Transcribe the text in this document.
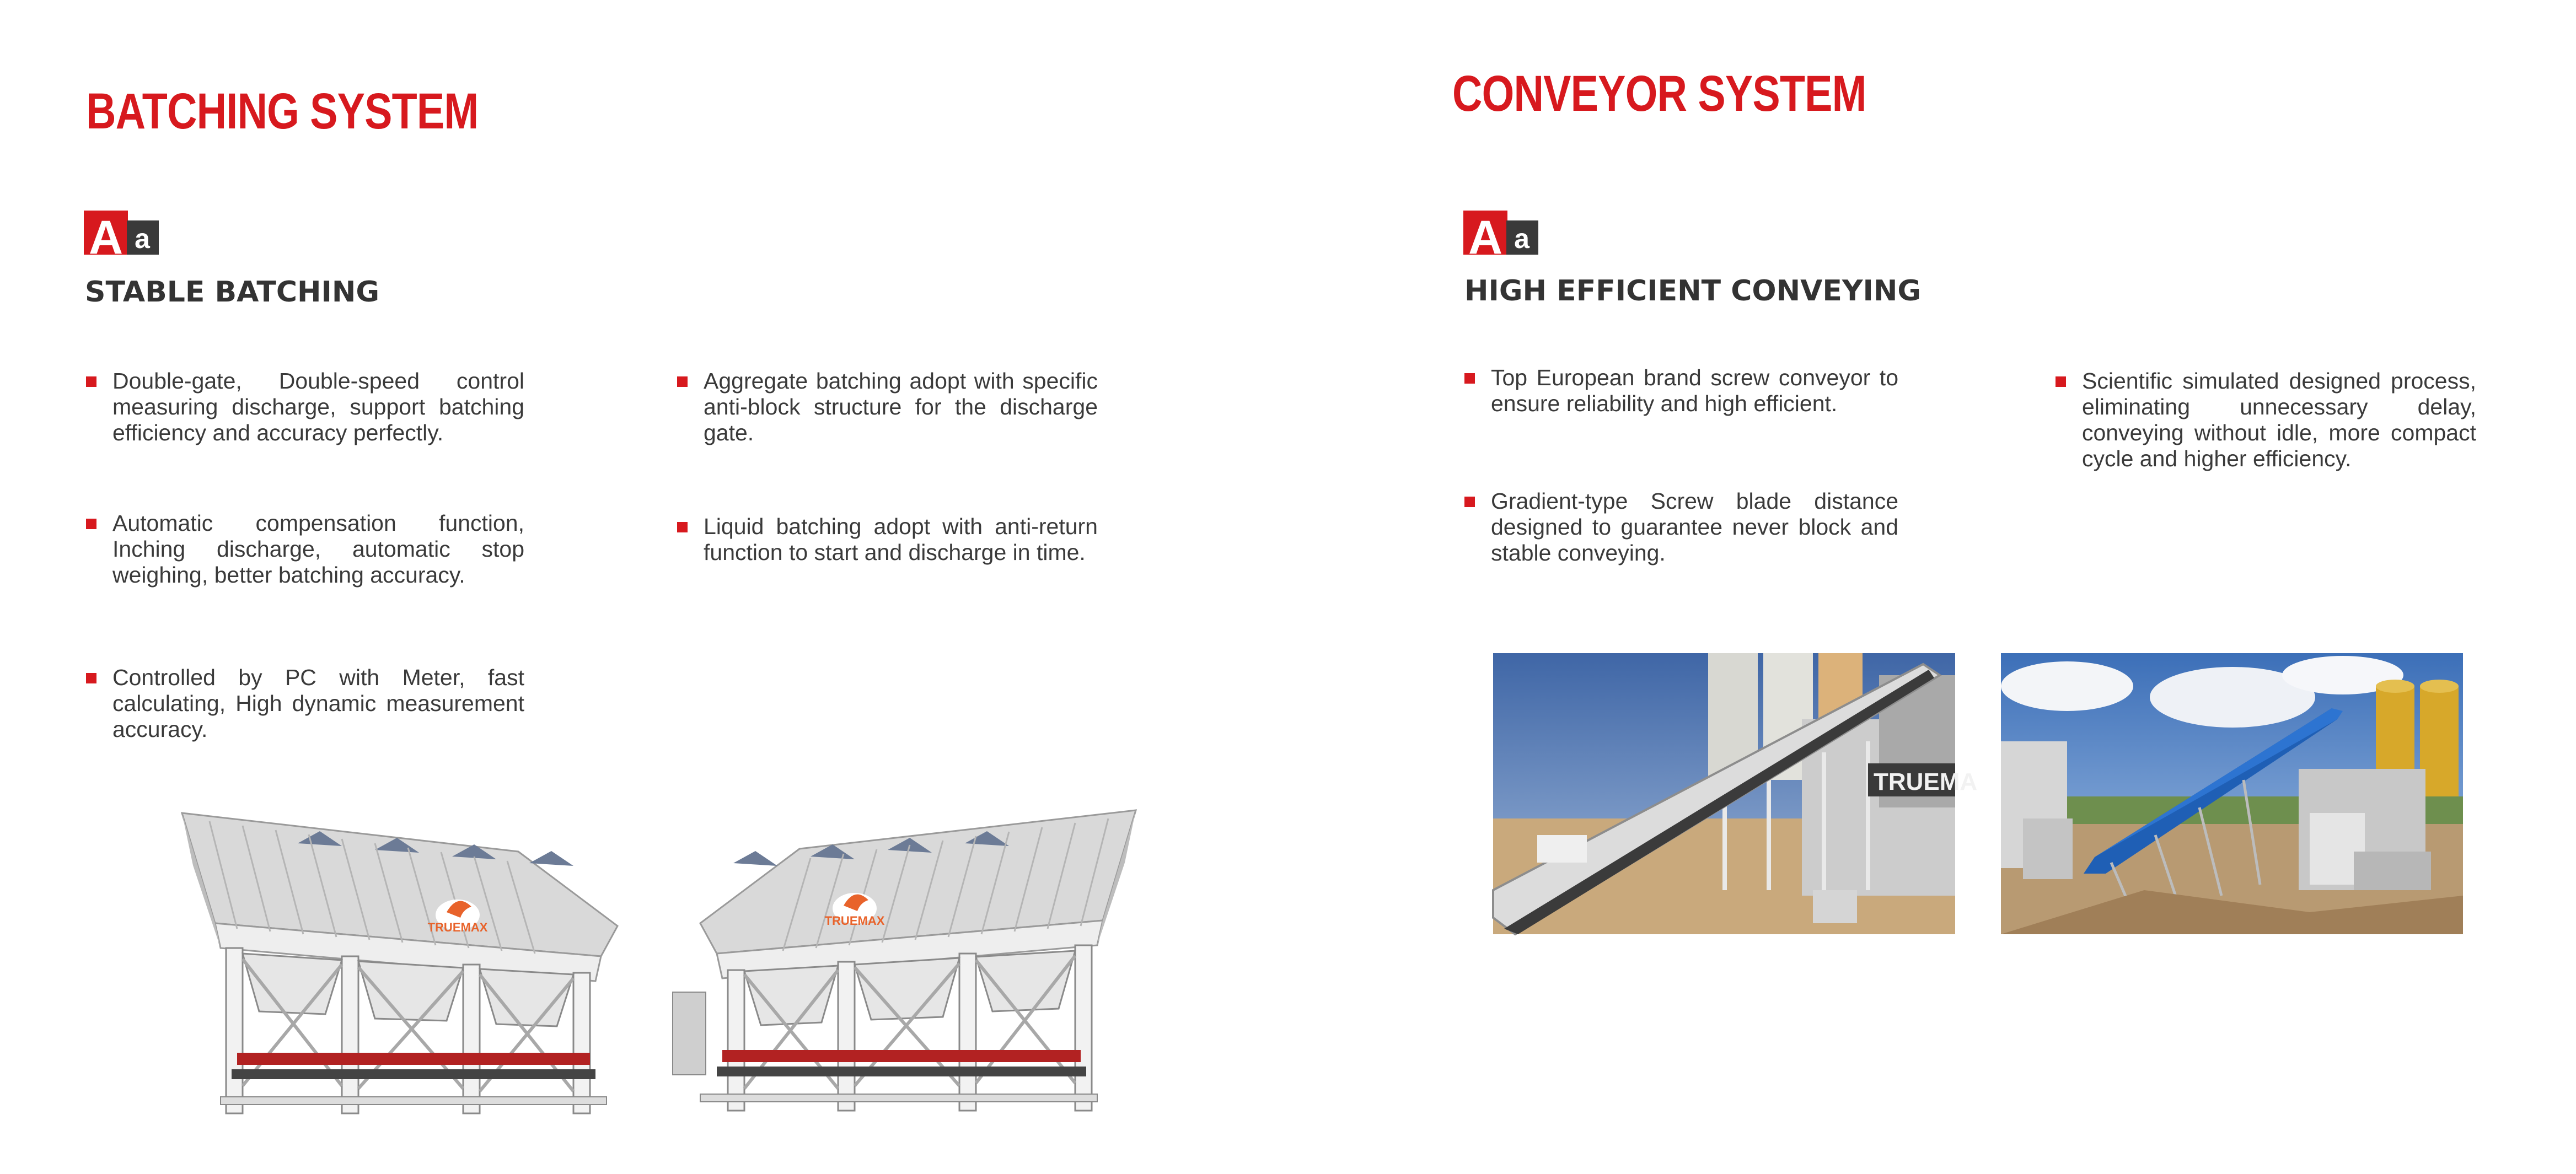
BATCHING SYSTEM
A a
STABLE BATCHING

Double-gate, Double-speed control measuring discharge, support batching efficiency and accuracy perfectly.

Automatic compensation function, Inching discharge, automatic stop weighing, better batching accuracy.

Controlled by PC with Meter, fast calculating, High dynamic measurement accuracy.

Aggregate batching adopt with specific anti-block structure for the discharge gate.

Liquid batching adopt with anti-return function to start and discharge in time.

TRUEMAX	TRUEMAX
CONVEYOR SYSTEM
A a
HIGH EFFICIENT CONVEYING

Top European brand screw conveyor to ensure reliability and high efficient.

Gradient-type Screw blade distance designed to guarantee never block and stable conveying.

Scientific simulated designed process, eliminating unnecessary delay, conveying without idle, more compact cycle and higher efficiency.

TRUEMA
